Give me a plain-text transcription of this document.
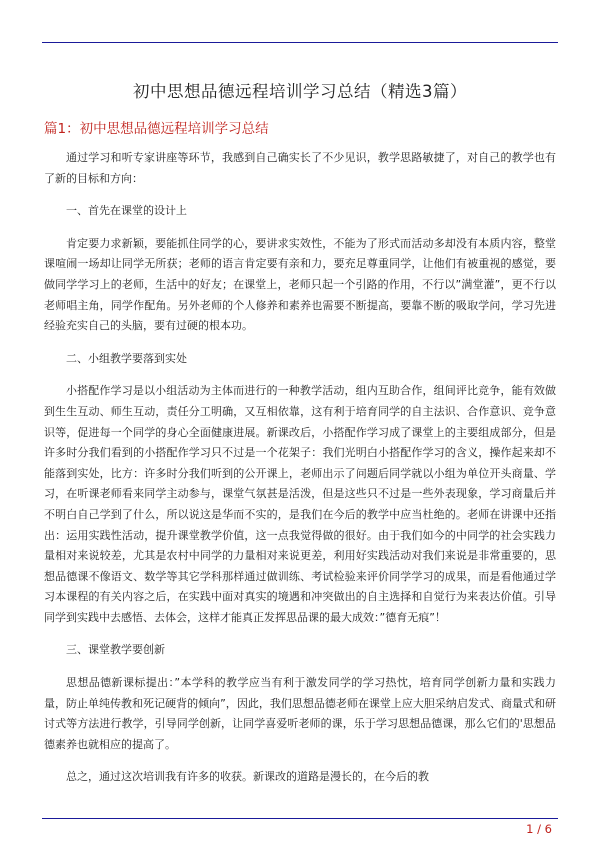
初中思想品德远程培训学习总结（精选3篇）
篇1：初中思想品德远程培训学习总结

通过学习和听专家讲座等环节，我感到自己确实长了不少见识，教学思路敏捷了，对自己的教学也有了新的目标和方向：

一、首先在课堂的设计上

肯定要力求新颖，要能抓住同学的心，要讲求实效性，不能为了形式而活动多却没有本质内容，整堂课喧闹一场却让同学无所获；老师的语言肯定要有亲和力，要充足尊重同学，让他们有被重视的感觉，要做同学学习上的老师，生活中的好友；在课堂上，老师只起一个引路的作用，不行以”满堂灌”，更不行以老师唱主角，同学作配角。另外老师的个人修养和素养也需要不断提高，要靠不断的吸取学问，学习先进经验充实自己的头脑，要有过硬的根本功。

二、小组教学要落到实处

小搭配作学习是以小组活动为主体而进行的一种教学活动，组内互助合作，组间评比竞争，能有效做到生生互动、师生互动，责任分工明确，又互相依靠，这有利于培育同学的自主法识、合作意识、竞争意识等，促进每一个同学的身心全面健康进展。新课改后，小搭配作学习成了课堂上的主要组成部分，但是许多时分我们看到的小搭配作学习只不过是一个花架子：我们光明白小搭配作学习的含义，操作起来却不能落到实处，比方：许多时分我们听到的公开课上，老师出示了问题后同学就以小组为单位开头商量、学习，在听课老师看来同学主动参与，课堂气氛甚是活泼，但是这些只不过是一些外表现象，学习商量后并不明白自己学到了什么，所以说这是华而不实的，是我们在今后的教学中应当杜绝的。老师在讲课中还指出：运用实践性活动，提升课堂教学价值，这一点我觉得做的很好。由于我们如今的中同学的社会实践力量相对来说较差，尤其是农村中同学的力量相对来说更差，利用好实践活动对我们来说是非常重要的，思想品德课不像语文、数学等其它学科那样通过做训练、考试检验来评价同学学习的成果，而是看他通过学习本课程的有关内容之后，在实践中面对真实的境遇和冲突做出的自主选择和自觉行为来表达价值。引导同学到实践中去感悟、去体会，这样才能真正发挥思品课的最大成效：”德育无痕”！

三、课堂教学要创新

思想品德新课标提出：”本学科的教学应当有利于激发同学的学习热忱，培育同学创新力量和实践力量，防止单纯传教和死记硬背的倾向”，因此，我们思想品德老师在课堂上应大胆采纳启发式、商量式和研讨式等方法进行教学，引导同学创新，让同学喜爱听老师的课，乐于学习思想品德课，那么它们的'思想品德素养也就相应的提高了。

总之，通过这次培训我有许多的收获。新课改的道路是漫长的，在今后的教

1 / 6
